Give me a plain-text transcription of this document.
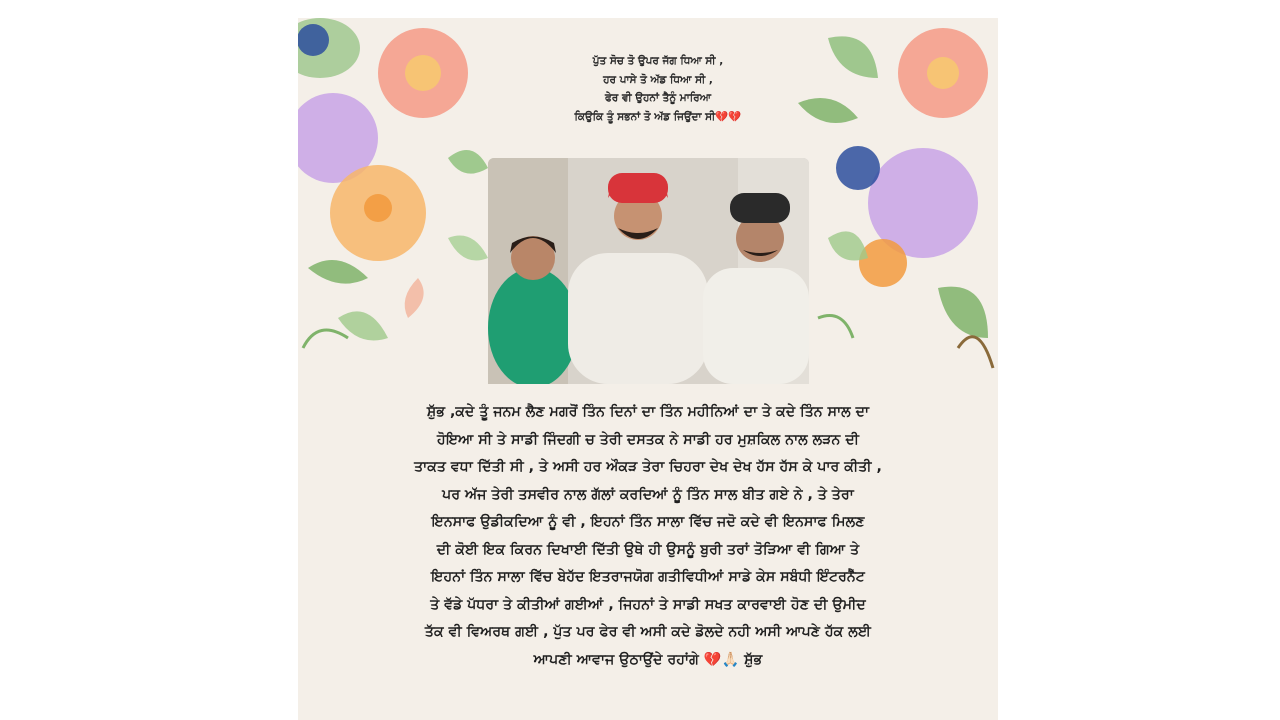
ਪੁੱਤ ਸੋਚ ਤੋ ਉਪਰ ਜੱਗ ਧਿਆ ਸੀ ,
ਹਰ ਪਾਸੇ ਤੋ ਅੱਡ ਧਿਆ ਸੀ ,
ਫੇਰ ਵੀ ਉਹਨਾਂ ਤੈਨੂੰ ਮਾਰਿਆ
ਕਿਉਕਿ ਤੂੰ ਸਭਨਾਂ ਤੋ ਅੱਡ ਜਿਉਂਦਾ ਸੀ💔💔
ਸ਼ੁੱਭ ,ਕਦੇ ਤੂੰ ਜਨਮ ਲੈਣ ਮਗਰੋਂ ਤਿੰਨ ਦਿਨਾਂ ਦਾ ਤਿੰਨ ਮਹੀਨਿਆਂ ਦਾ ਤੇ ਕਦੇ ਤਿੰਨ ਸਾਲ ਦਾ
ਹੋਇਆ ਸੀ ਤੇ ਸਾਡੀ ਜਿੰਦਗੀ ਚ ਤੇਰੀ ਦਸਤਕ ਨੇ ਸਾਡੀ ਹਰ ਮੁਸ਼ਕਿਲ ਨਾਲ ਲੜਨ ਦੀ
ਤਾਕਤ ਵਧਾ ਦਿੱਤੀ ਸੀ , ਤੇ ਅਸੀ ਹਰ ਔਕੜ ਤੇਰਾ ਚਿਹਰਾ ਦੇਖ ਦੇਖ ਹੱਸ ਹੱਸ ਕੇ ਪਾਰ ਕੀਤੀ ,
ਪਰ ਅੱਜ ਤੇਰੀ ਤਸਵੀਰ ਨਾਲ ਗੱਲਾਂ ਕਰਦਿਆਂ ਨੂੰ ਤਿੰਨ ਸਾਲ ਬੀਤ ਗਏ ਨੇ , ਤੇ ਤੇਰਾ
ਇਨਸਾਫ ਉਡੀਕਦਿਆ ਨੂੰ ਵੀ , ਇਹਨਾਂ ਤਿੰਨ ਸਾਲਾ ਵਿੱਚ ਜਦੋ ਕਦੇ ਵੀ ਇਨਸਾਫ ਮਿਲਣ
ਦੀ ਕੋਈ ਇਕ ਕਿਰਨ ਦਿਖਾਈ ਦਿੱਤੀ ਉਥੇ ਹੀ ਉਸਨੂੰ ਬੁਰੀ ਤਰਾਂ ਤੋੜਿਆ ਵੀ ਗਿਆ ਤੇ
ਇਹਨਾਂ ਤਿੰਨ ਸਾਲਾ ਵਿੱਚ ਬੇਹੱਦ ਇਤਰਾਜਯੋਗ ਗਤੀਵਿਧੀਆਂ ਸਾਡੇ ਕੇਸ ਸਬੰਧੀ ਇੰਟਰਨੈੱਟ
ਤੇ ਵੱਡੇ ਪੱਧਰਾ ਤੇ ਕੀਤੀਆਂ ਗਈਆਂ , ਜਿਹਨਾਂ ਤੇ ਸਾਡੀ ਸਖਤ ਕਾਰਵਾਈ ਹੋਣ ਦੀ ਉਮੀਦ
ਤੱਕ ਵੀ ਵਿਅਰਥ ਗਈ , ਪੁੱਤ ਪਰ ਫੇਰ ਵੀ ਅਸੀ ਕਦੇ ਡੋਲਦੇ ਨਹੀ ਅਸੀ ਆਪਣੇ ਹੱਕ ਲਈ
ਆਪਣੀ ਆਵਾਜ ਉਠਾਉਂਦੇ ਰਹਾਂਗੇ 💔🙏🏻 ਸ਼ੁੱਭ
